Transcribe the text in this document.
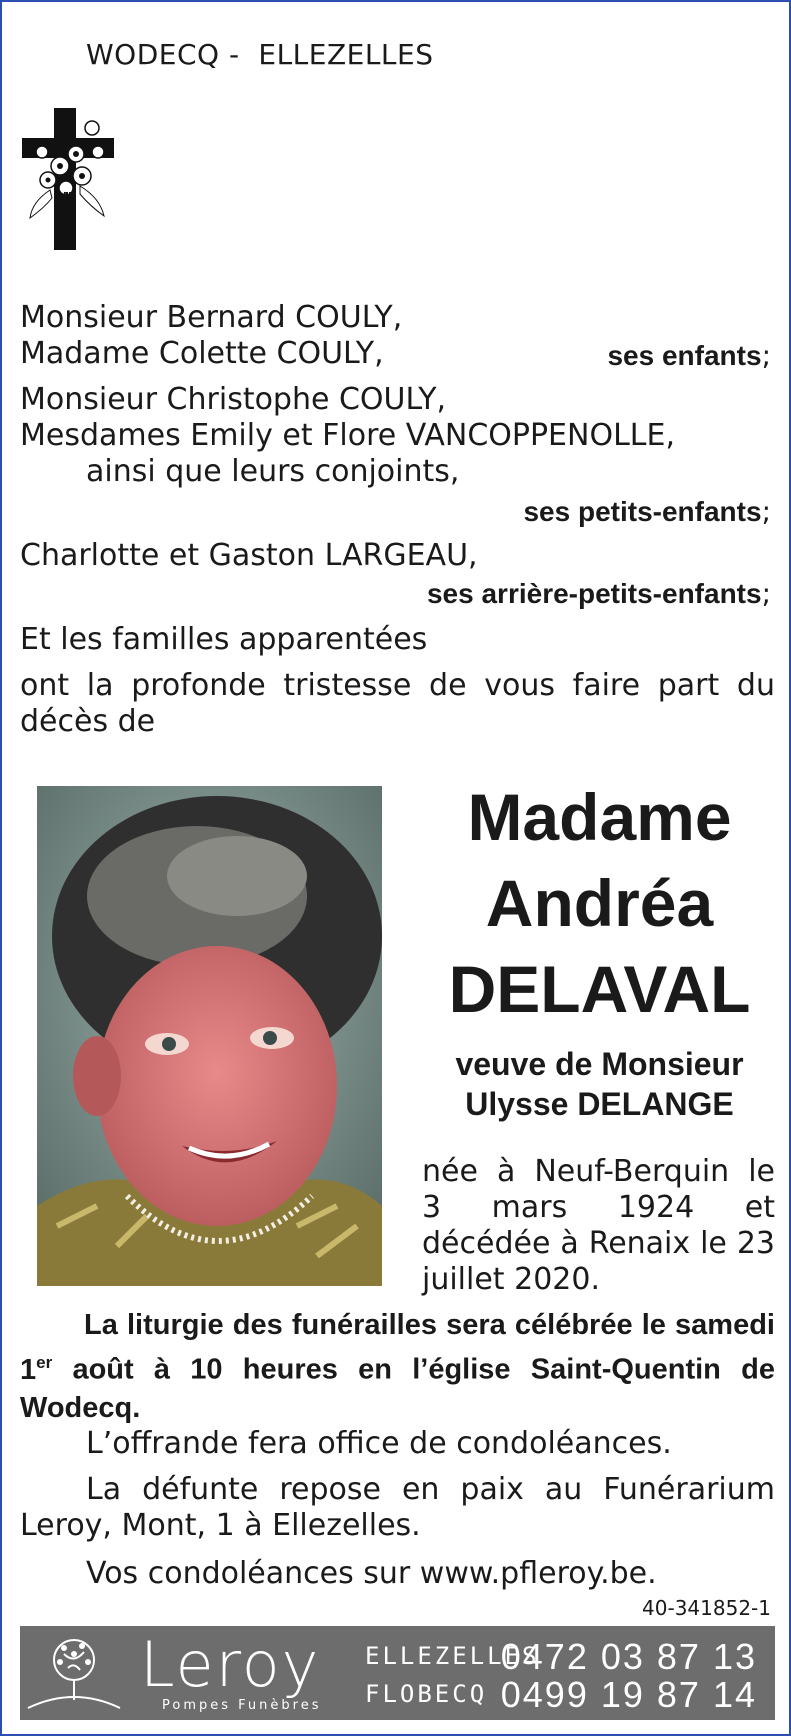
WODECQ -  ELLEZELLES
Monsieur Bernard COULY,
Madame Colette COULY,	ses enfants;
Monsieur Christophe COULY,
Mesdames Emily et Flore VANCOPPENOLLE,
ainsi que leurs conjoints,
ses petits-enfants;
Charlotte et Gaston LARGEAU,
ses arrière-petits-enfants;
Et les familles apparentées
ont la profonde tristesse de vous faire part du décès de
Madame
Andréa
DELAVAL
veuve de Monsieur
Ulysse DELANGE
née à Neuf-Berquin le 3 mars 1924 et décédée à Renaix le 23 juillet 2020.
La liturgie des funérailles sera célébrée le samedi 1er août à 10 heures en l’église Saint-Quentin de Wodecq.
L’offrande fera office de condoléances.
La défunte repose en paix au Funérarium Leroy, Mont, 1 à Ellezelles.
Vos condoléances sur www.pfleroy.be.
40-341852-1
Leroy
Pompes Funèbres
ELLEZELLES
0472 03 87 13
FLOBECQ 0499 19 87 14
